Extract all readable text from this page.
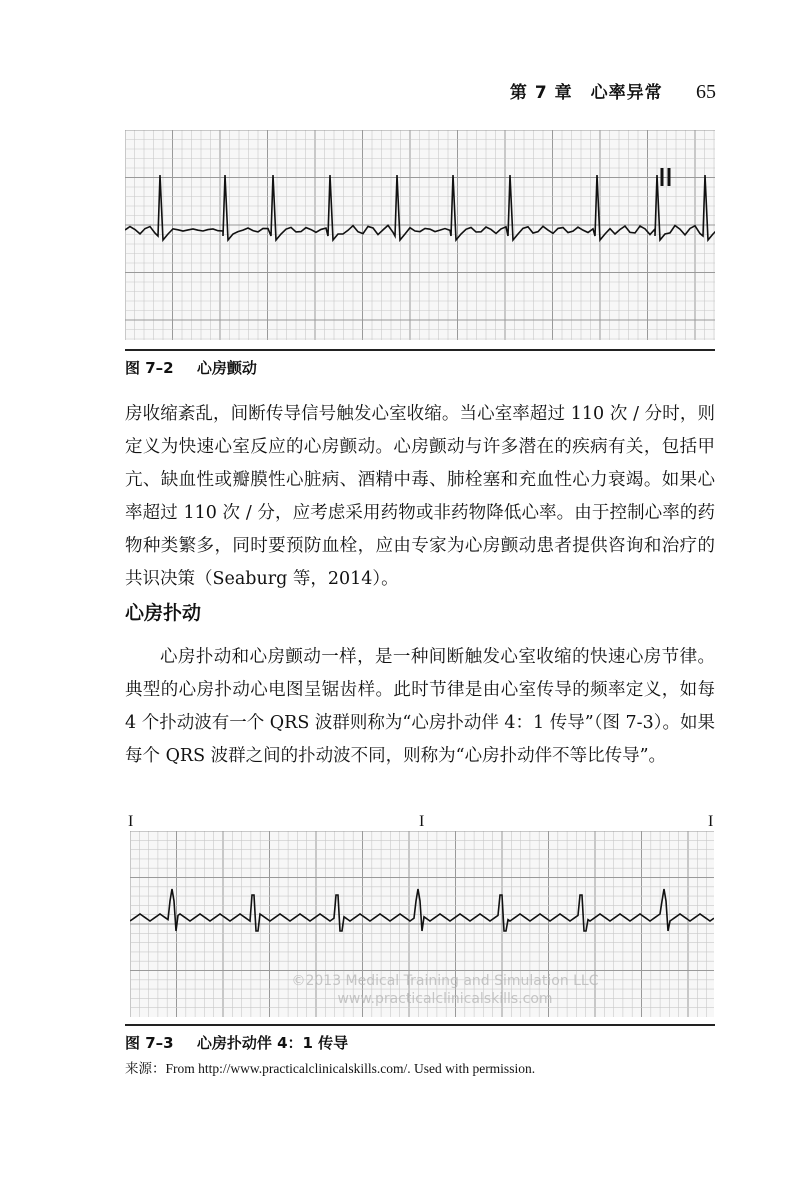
第 7 章　心率异常 65
图 7–2 心房颤动
房收缩紊乱，间断传导信号触发心室收缩。当心室率超过 110 次 / 分时，则定义为快速心室反应的心房颤动。心房颤动与许多潜在的疾病有关，包括甲亢、缺血性或瓣膜性心脏病、酒精中毒、肺栓塞和充血性心力衰竭。如果心率超过 110 次 / 分，应考虑采用药物或非药物降低心率。由于控制心率的药物种类繁多，同时要预防血栓，应由专家为心房颤动患者提供咨询和治疗的共识决策（Seaburg 等，2014）。
心房扑动
心房扑动和心房颤动一样，是一种间断触发心室收缩的快速心房节律。典型的心房扑动心电图呈锯齿样。此时节律是由心室传导的频率定义，如每 4 个扑动波有一个 QRS 波群则称为“心房扑动伴 4：1 传导”（图 7-3）。如果每个 QRS 波群之间的扑动波不同，则称为“心房扑动伴不等比传导”。
I	I	I
©2013 Medical Training and Simulation LLC
www.practicalclinicalskills.com
图 7–3 心房扑动伴 4：1 传导
来源：From http://www.practicalclinicalskills.com/. Used with permission.
